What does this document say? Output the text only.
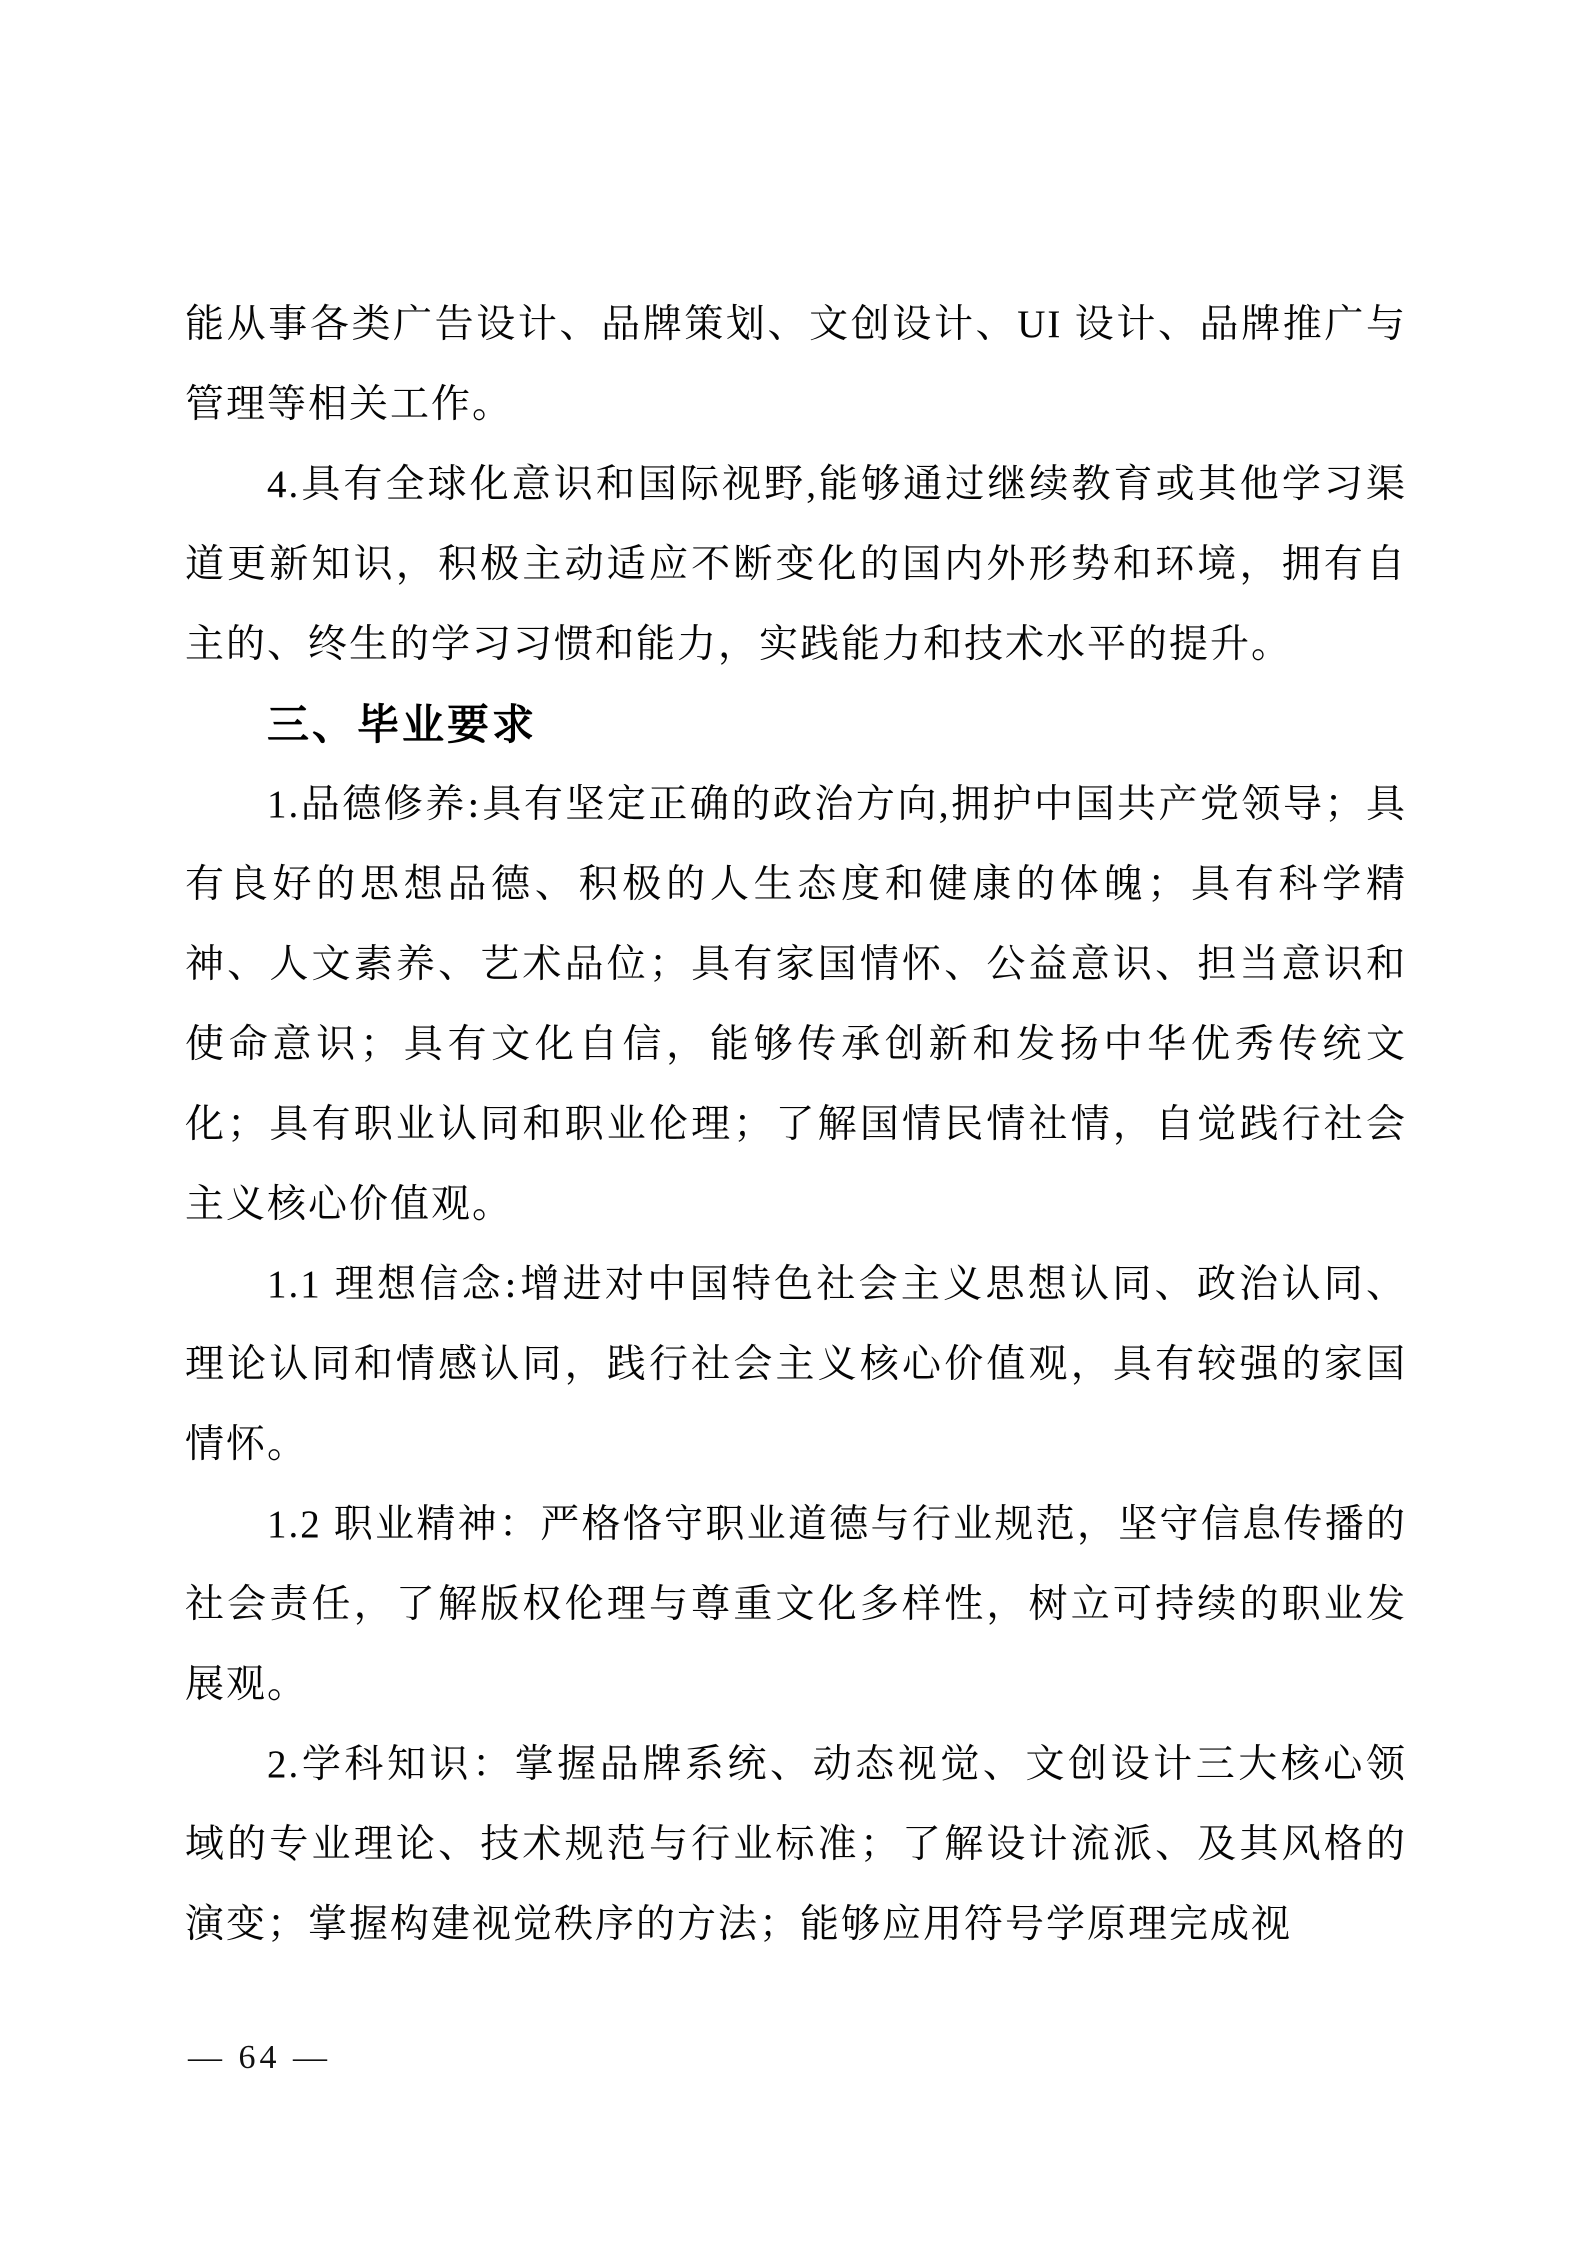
能从事各类广告设计、品牌策划、文创设计、UI 设计、品牌推广与管理等相关工作。

4.具有全球化意识和国际视野,能够通过继续教育或其他学习渠道更新知识，积极主动适应不断变化的国内外形势和环境，拥有自主的、终生的学习习惯和能力，实践能力和技术水平的提升。

三、毕业要求

1.品德修养:具有坚定正确的政治方向,拥护中国共产党领导；具有良好的思想品德、积极的人生态度和健康的体魄；具有科学精神、人文素养、艺术品位；具有家国情怀、公益意识、担当意识和使命意识；具有文化自信，能够传承创新和发扬中华优秀传统文化；具有职业认同和职业伦理；了解国情民情社情，自觉践行社会主义核心价值观。

1.1 理想信念:增进对中国特色社会主义思想认同、政治认同、理论认同和情感认同，践行社会主义核心价值观，具有较强的家国情怀。

1.2 职业精神：严格恪守职业道德与行业规范，坚守信息传播的社会责任，了解版权伦理与尊重文化多样性，树立可持续的职业发展观。

2.学科知识：掌握品牌系统、动态视觉、文创设计三大核心领域的专业理论、技术规范与行业标准；了解设计流派、及其风格的演变；掌握构建视觉秩序的方法；能够应用符号学原理完成视

— 64 —
